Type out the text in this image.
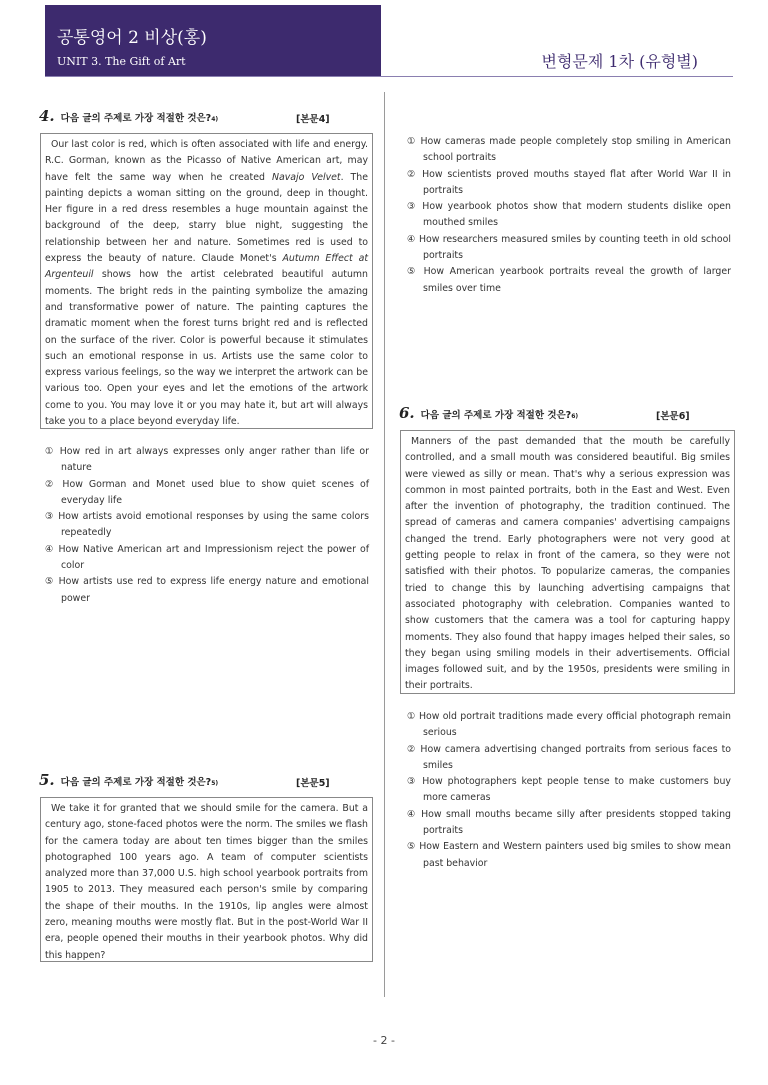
공통영어 2 비상(홍)
UNIT 3. The Gift of Art	변형문제 1차 (유형별)
4. 다음 글의 주제로 가장 적절한 것은$?_{4)}$	[본문4]
Our last color is red, which is often associated with life and energy. R.C. Gorman, known as the Picasso of Native American art, may have felt the same way when he created Navajo Velvet. The painting depicts a woman sitting on the ground, deep in thought. Her figure in a red dress resembles a huge mountain against the background of the deep, starry blue night, suggesting the relationship between her and nature. Sometimes red is used to express the beauty of nature. Claude Monet's Autumn Effect at Argenteuil shows how the artist celebrated beautiful autumn moments. The bright reds in the painting symbolize the amazing and transformative power of nature. The painting captures the dramatic moment when the forest turns bright red and is reflected on the surface of the river. Color is powerful because it stimulates such an emotional response in us. Artists use the same color to express various feelings, so the way we interpret the artwork can be various too. Open your eyes and let the emotions of the artwork come to you. You may love it or you may hate it, but art will always take you to a place beyond everyday life.
① How red in art always expresses only anger rather than life or nature
② How Gorman and Monet used blue to show quiet scenes of everyday life
③ How artists avoid emotional responses by using the same colors repeatedly
④ How Native American art and Impressionism reject the power of color
⑤ How artists use red to express life energy nature and emotional power
5. 다음 글의 주제로 가장 적절한 것은$?_{5)}$	[본문5]
We take it for granted that we should smile for the camera. But a century ago, stone-faced photos were the norm. The smiles we flash for the camera today are about ten times bigger than the smiles photographed 100 years ago. A team of computer scientists analyzed more than 37,000 U.S. high school yearbook portraits from 1905 to 2013. They measured each person's smile by comparing the shape of their mouths. In the 1910s, lip angles were almost zero, meaning mouths were mostly flat. But in the post-World War II era, people opened their mouths in their yearbook photos. Why did this happen?
① How cameras made people completely stop smiling in American school portraits
② How scientists proved mouths stayed flat after World War II in portraits
③ How yearbook photos show that modern students dislike open mouthed smiles
④ How researchers measured smiles by counting teeth in old school portraits
⑤ How American yearbook portraits reveal the growth of larger smiles over time
6. 다음 글의 주제로 가장 적절한 것은$?_{6)}$	[본문6]
Manners of the past demanded that the mouth be carefully controlled, and a small mouth was considered beautiful. Big smiles were viewed as silly or mean. That's why a serious expression was common in most painted portraits, both in the East and West. Even after the invention of photography, the tradition continued. The spread of cameras and camera companies' advertising campaigns changed the trend. Early photographers were not very good at getting people to relax in front of the camera, so they were not satisfied with their photos. To popularize cameras, the companies tried to change this by launching advertising campaigns that associated photography with celebration. Companies wanted to show customers that the camera was a tool for capturing happy moments. They also found that happy images helped their sales, so they began using smiling models in their advertisements. Official images followed suit, and by the 1950s, presidents were smiling in their portraits.
① How old portrait traditions made every official photograph remain serious
② How camera advertising changed portraits from serious faces to smiles
③ How photographers kept people tense to make customers buy more cameras
④ How small mouths became silly after presidents stopped taking portraits
⑤ How Eastern and Western painters used big smiles to show mean past behavior
- 2 -
